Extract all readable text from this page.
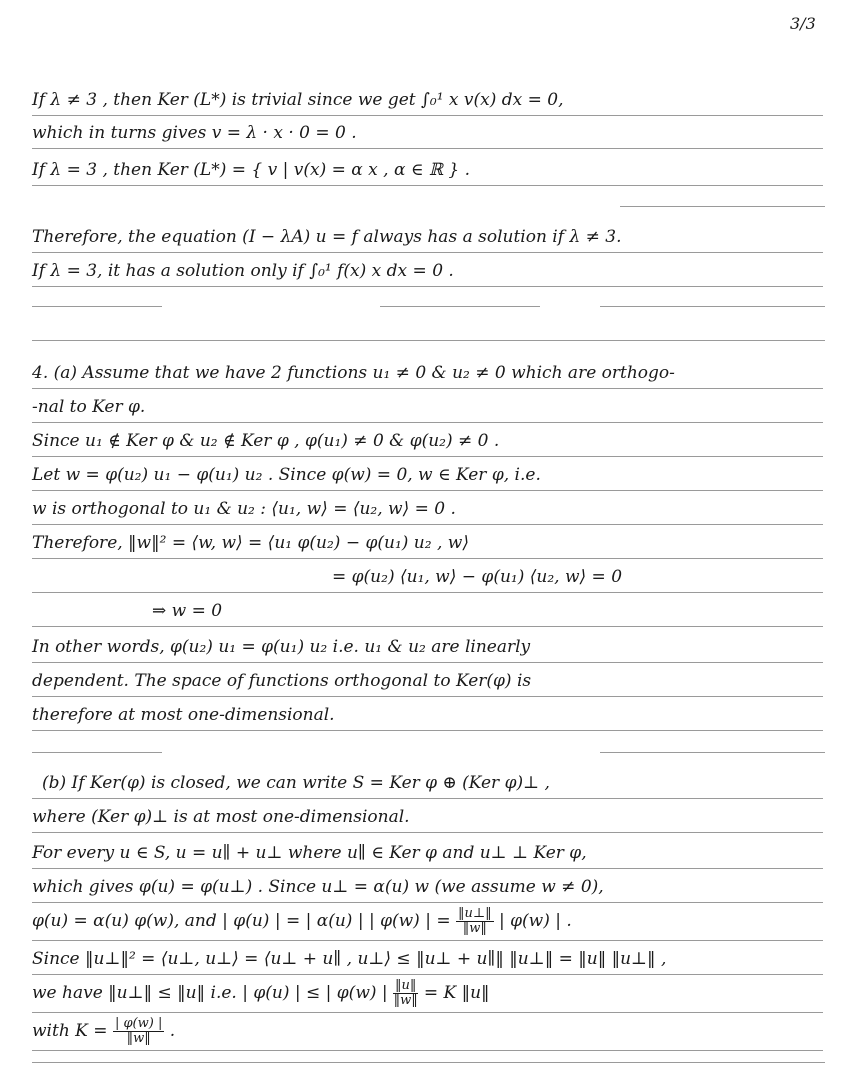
3/3
If λ ≠ 3 , then Ker (L*) is trivial since we get ∫₀¹ x v(x) dx = 0,
which in turns gives v = λ · x · 0 = 0 .
If λ = 3 , then Ker (L*) = { v | v(x) = α x , α ∈ ℝ } .
Therefore, the equation (I − λA) u = f always has a solution if λ ≠ 3.
If λ = 3, it has a solution only if ∫₀¹ f(x) x dx = 0 .
4. (a) Assume that we have 2 functions u₁ ≠ 0 & u₂ ≠ 0 which are orthogo-
-nal to Ker φ.
Since u₁ ∉ Ker φ & u₂ ∉ Ker φ , φ(u₁) ≠ 0 & φ(u₂) ≠ 0 .
Let w = φ(u₂) u₁ − φ(u₁) u₂ . Since φ(w) = 0, w ∈ Ker φ, i.e.
w is orthogonal to u₁ & u₂ : ⟨u₁, w⟩ = ⟨u₂, w⟩ = 0 .
Therefore, ‖w‖² = ⟨w, w⟩ = ⟨u₁ φ(u₂) − φ(u₁) u₂ , w⟩
= φ(u₂) ⟨u₁, w⟩ − φ(u₁) ⟨u₂, w⟩ = 0
⇒ w = 0
In other words, φ(u₂) u₁ = φ(u₁) u₂ i.e. u₁ & u₂ are linearly
dependent. The space of functions orthogonal to Ker(φ) is
therefore at most one-dimensional.
(b) If Ker(φ) is closed, we can write S = Ker φ ⊕ (Ker φ)⊥ ,
where (Ker φ)⊥ is at most one-dimensional.
For every u ∈ S, u = u∥ + u⊥ where u∥ ∈ Ker φ and u⊥ ⊥ Ker φ,
which gives φ(u) = φ(u⊥) . Since u⊥ = α(u) w (we assume w ≠ 0),
φ(u) = α(u) φ(w), and | φ(u) | = | α(u) | | φ(w) | = $\frac{‖u\perp‖}{‖w‖}$ | φ(w) | .
Since ‖u⊥‖² = ⟨u⊥, u⊥⟩ = ⟨u⊥ + u∥ , u⊥⟩ ≤ ‖u⊥ + u∥‖ ‖u⊥‖ = ‖u‖ ‖u⊥‖ ,
we have ‖u⊥‖ ≤ ‖u‖ i.e. | φ(u) | ≤ | φ(w) | $\frac{‖u‖}{‖w‖} = K$ ‖u‖
with $K = \frac{| \varphi(w) |}{‖w‖}$ .
